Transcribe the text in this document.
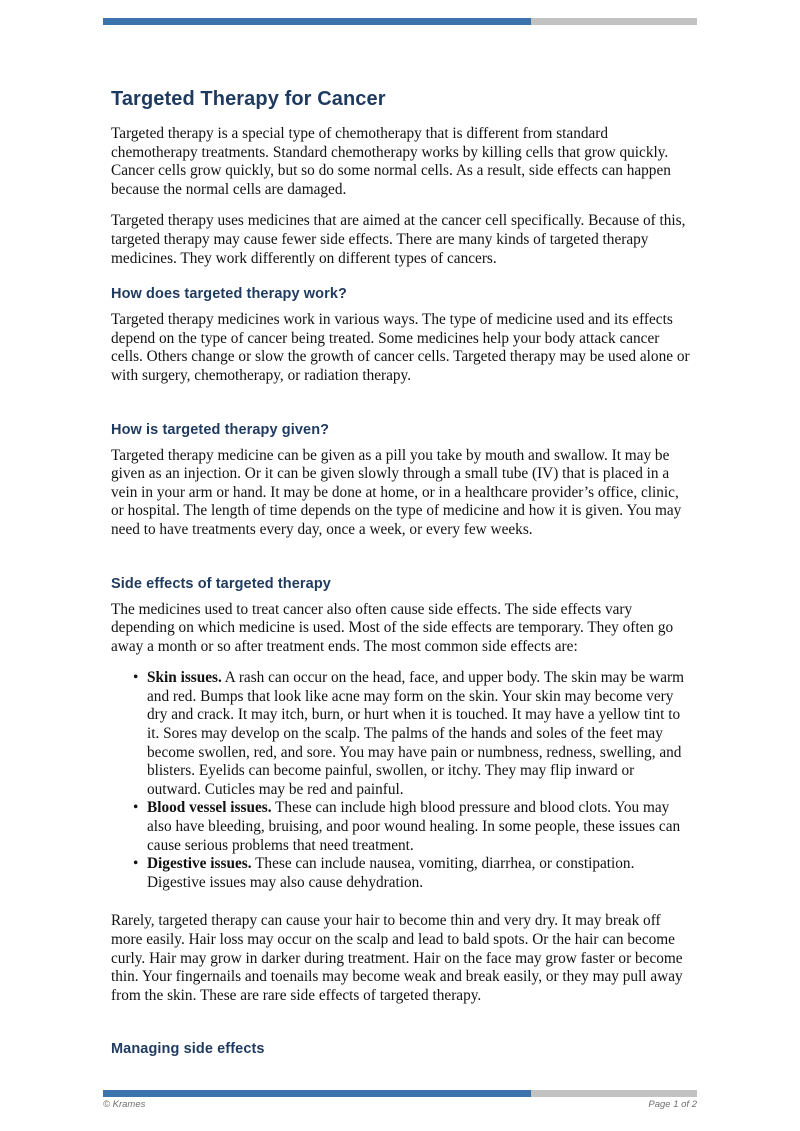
Targeted Therapy for Cancer

Targeted therapy is a special type of chemotherapy that is different from standard chemotherapy treatments. Standard chemotherapy works by killing cells that grow quickly. Cancer cells grow quickly, but so do some normal cells. As a result, side effects can happen because the normal cells are damaged.

Targeted therapy uses medicines that are aimed at the cancer cell specifically. Because of this, targeted therapy may cause fewer side effects. There are many kinds of targeted therapy medicines. They work differently on different types of cancers.

How does targeted therapy work?

Targeted therapy medicines work in various ways. The type of medicine used and its effects depend on the type of cancer being treated. Some medicines help your body attack cancer cells. Others change or slow the growth of cancer cells. Targeted therapy may be used alone or with surgery, chemotherapy, or radiation therapy.

How is targeted therapy given?

Targeted therapy medicine can be given as a pill you take by mouth and swallow. It may be given as an injection. Or it can be given slowly through a small tube (IV) that is placed in a vein in your arm or hand. It may be done at home, or in a healthcare provider’s office, clinic, or hospital. The length of time depends on the type of medicine and how it is given. You may need to have treatments every day, once a week, or every few weeks.

Side effects of targeted therapy

The medicines used to treat cancer also often cause side effects. The side effects vary depending on which medicine is used. Most of the side effects are temporary. They often go away a month or so after treatment ends. The most common side effects are:

• Skin issues. A rash can occur on the head, face, and upper body. The skin may be warm and red. Bumps that look like acne may form on the skin. Your skin may become very dry and crack. It may itch, burn, or hurt when it is touched. It may have a yellow tint to it. Sores may develop on the scalp. The palms of the hands and soles of the feet may become swollen, red, and sore. You may have pain or numbness, redness, swelling, and blisters. Eyelids can become painful, swollen, or itchy. They may flip inward or outward. Cuticles may be red and painful.
• Blood vessel issues. These can include high blood pressure and blood clots. You may also have bleeding, bruising, and poor wound healing. In some people, these issues can cause serious problems that need treatment.
• Digestive issues. These can include nausea, vomiting, diarrhea, or constipation. Digestive issues may also cause dehydration.

Rarely, targeted therapy can cause your hair to become thin and very dry. It may break off more easily. Hair loss may occur on the scalp and lead to bald spots. Or the hair can become curly. Hair may grow in darker during treatment. Hair on the face may grow faster or become thin. Your fingernails and toenails may become weak and break easily, or they may pull away from the skin. These are rare side effects of targeted therapy.

Managing side effects
© Krames	Page 1 of 2
